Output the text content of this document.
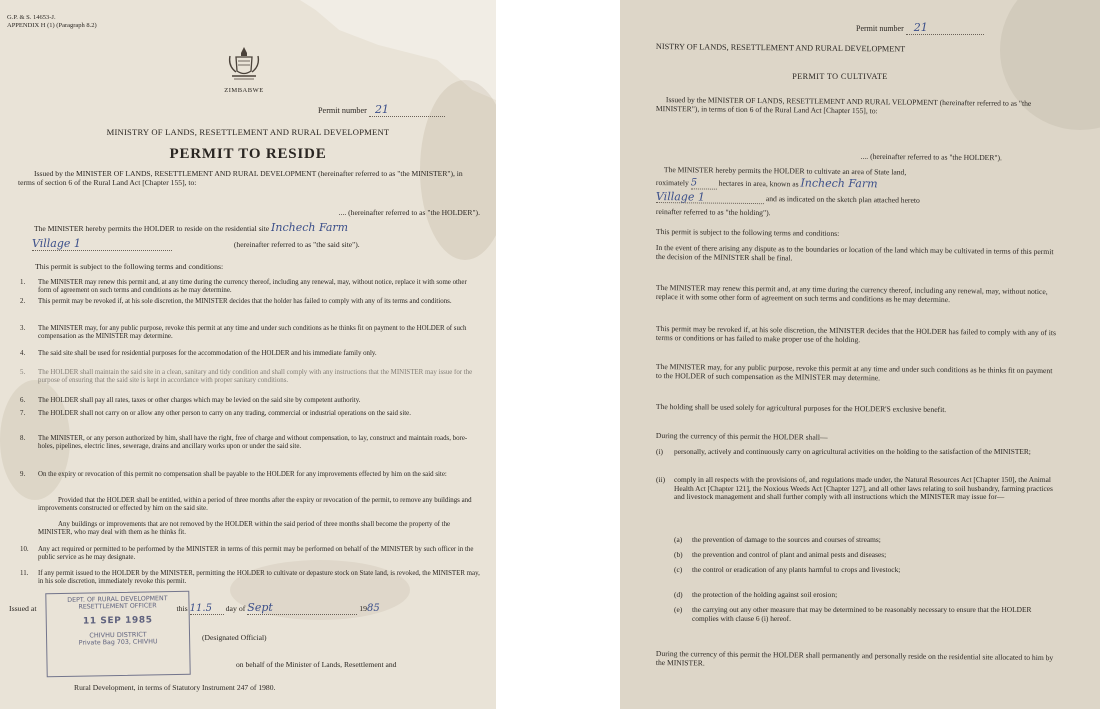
G.P. & S. 14653-J.
APPENDIX H (1) (Paragraph 8.2)
ZIMBABWE
Permit number 21
MINISTRY OF LANDS, RESETTLEMENT AND RURAL DEVELOPMENT
PERMIT TO RESIDE
Issued by the MINISTER OF LANDS, RESETTLEMENT AND RURAL DEVELOPMENT (hereinafter referred to as "the MINISTER"), in terms of section 6 of the Rural Land Act [Chapter 155], to:
.... (hereinafter referred to as "the HOLDER").
The MINISTER hereby permits the HOLDER to reside on the residential site Inchech Farm
Village 1	(hereinafter referred to as "the said site").
This permit is subject to the following terms and conditions:
1. The MINISTER may renew this permit and, at any time during the currency thereof, including any renewal, may, without notice, replace it with some other form of agreement on such terms and conditions as he may determine.
2. This permit may be revoked if, at his sole discretion, the MINISTER decides that the holder has failed to comply with any of its terms and conditions.
3. The MINISTER may, for any public purpose, revoke this permit at any time and under such conditions as he thinks fit on payment to the HOLDER of such compensation as the MINISTER may determine.
4. The said site shall be used for residential purposes for the accommodation of the HOLDER and his immediate family only.
5. The HOLDER shall maintain the said site in a clean, sanitary and tidy condition and shall comply with any instructions that the MINISTER may issue for the purpose of ensuring that the said site is kept in accordance with proper sanitary conditions.
6. The HOLDER shall pay all rates, taxes or other charges which may be levied on the said site by competent authority.
7. The HOLDER shall not carry on or allow any other person to carry on any trading, commercial or industrial operations on the said site.
8. The MINISTER, or any person authorized by him, shall have the right, free of charge and without compensation, to lay, construct and maintain roads, bore-holes, pipelines, electric lines, sewerage, drains and ancillary works upon or under the said site.
9. On the expiry or revocation of this permit no compensation shall be payable to the HOLDER for any improvements effected by him on the said site:
Provided that the HOLDER shall be entitled, within a period of three months after the expiry or revocation of the permit, to remove any buildings and improvements constructed or effected by him on the said site.
Any buildings or improvements that are not removed by the HOLDER within the said period of three months shall become the property of the MINISTER, who may deal with them as he thinks fit.
10. Any act required or permitted to be performed by the MINISTER in terms of this permit may be performed on behalf of the MINISTER by such officer in the public service as he may designate.
11. If any permit issued to the HOLDER by the MINISTER, permitting the HOLDER to cultivate or depasture stock on State land, is revoked, the MINISTER may, in his sole discretion, immediately revoke this permit.
Issued at	this 11.5 day of Sept	1985
(Designated Official)
on behalf of the Minister of Lands, Resettlement and
Rural Development, in terms of Statutory Instrument 247 of 1980.
DEPT. OF RURAL DEVELOPMENT
RESETTLEMENT OFFICER
11 SEP 1985
CHIVHU DISTRICT
Private Bag 703, CHIVHU
Permit number 21
NISTRY OF LANDS, RESETTLEMENT AND RURAL DEVELOPMENT
PERMIT TO CULTIVATE
Issued by the MINISTER OF LANDS, RESETTLEMENT AND RURAL VELOPMENT (hereinafter referred to as "the MINISTER"), in terms of tion 6 of the Rural Land Act [Chapter 155], to:
.... (hereinafter referred to as "the HOLDER").
The MINISTER hereby permits the HOLDER to cultivate an area of State land,
roximately 5	hectares in area, known as Inchech Farm
Village 1	and as indicated on the sketch plan attached hereto
reinafter referred to as "the holding").
This permit is subject to the following terms and conditions:
In the event of there arising any dispute as to the boundaries or location of the land which may be cultivated in terms of this permit the decision of the MINISTER shall be final.
The MINISTER may renew this permit and, at any time during the currency thereof, including any renewal, may, without notice, replace it with some other form of agreement on such terms and conditions as he may determine.
This permit may be revoked if, at his sole discretion, the MINISTER decides that the HOLDER has failed to comply with any of its terms or conditions or has failed to make proper use of the holding.
The MINISTER may, for any public purpose, revoke this permit at any time and under such conditions as he thinks fit on payment to the HOLDER of such compensation as the MINISTER may determine.
The holding shall be used solely for agricultural purposes for the HOLDER'S exclusive benefit.
During the currency of this permit the HOLDER shall—
(i) personally, actively and continuously carry on agricultural activities on the holding to the satisfaction of the MINISTER;
(ii) comply in all respects with the provisions of, and regulations made under, the Natural Resources Act [Chapter 150], the Animal Health Act [Chapter 121], the Noxious Weeds Act [Chapter 127], and all other laws relating to soil husbandry, farming practices and livestock management and shall further comply with all instructions which the MINISTER may issue for—
(a) the prevention of damage to the sources and courses of streams;
(b) the prevention and control of plant and animal pests and diseases;
(c) the control or eradication of any plants harmful to crops and livestock;
(d) the protection of the holding against soil erosion;
(e) the carrying out any other measure that may be determined to be reasonably necessary to ensure that the HOLDER complies with clause 6 (i) hereof.
During the currency of this permit the HOLDER shall permanently and personally reside on the residential site allocated to him by the MINISTER.
